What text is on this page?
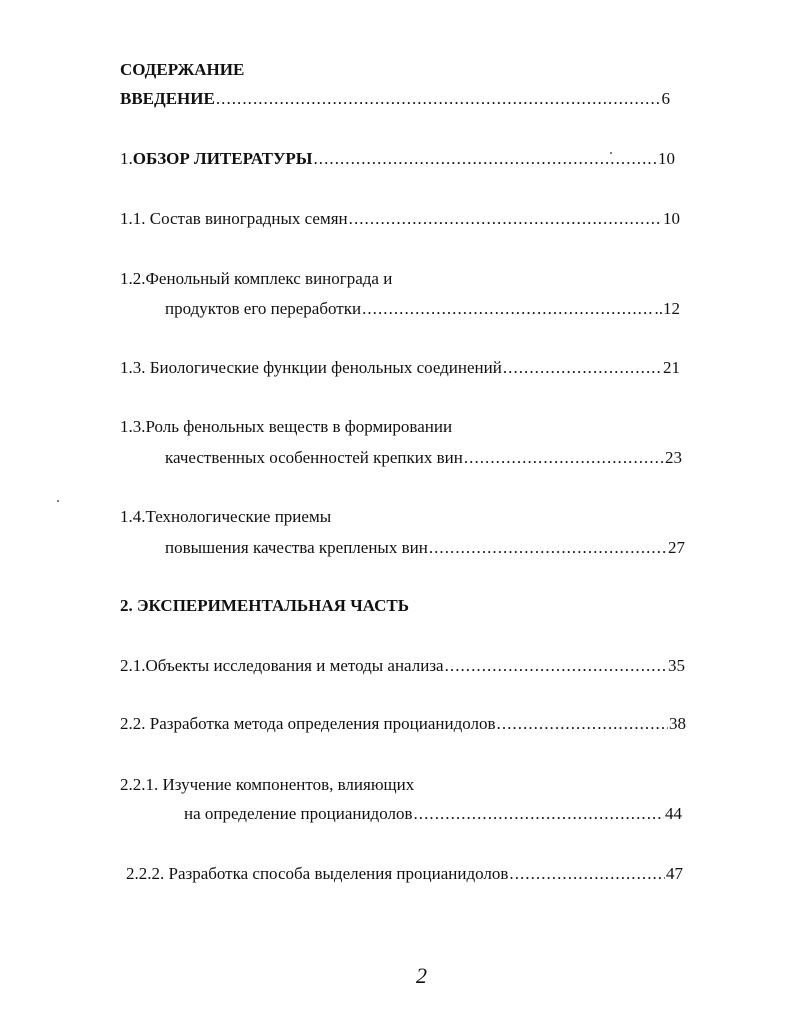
СОДЕРЖАНИЕ
ВВЕДЕНИЕ . . .	6
1.ОБЗОР ЛИТЕРАТУРЫ . . .	10
1.1. Состав виноградных семян . . .	10
1.2.Фенольный комплекс винограда и
продуктов его переработки . . .	..12
1.3. Биологические функции фенольных соединений . . .	21
1.3.Роль фенольных веществ в формировании
качественных особенностей крепких вин . . .	23
1.4.Технологические приемы
повышения качества крепленых вин . . .	27
2. ЭКСПЕРИМЕНТАЛЬНАЯ ЧАСТЬ
2.1.Объекты исследования и методы анализа . . .	35
2.2. Разработка метода определения процианидолов . . .	38
2.2.1. Изучение компонентов, влияющих
на определение процианидолов . . .	44
2.2.2. Разработка способа выделения процианидолов . . .	47
2
